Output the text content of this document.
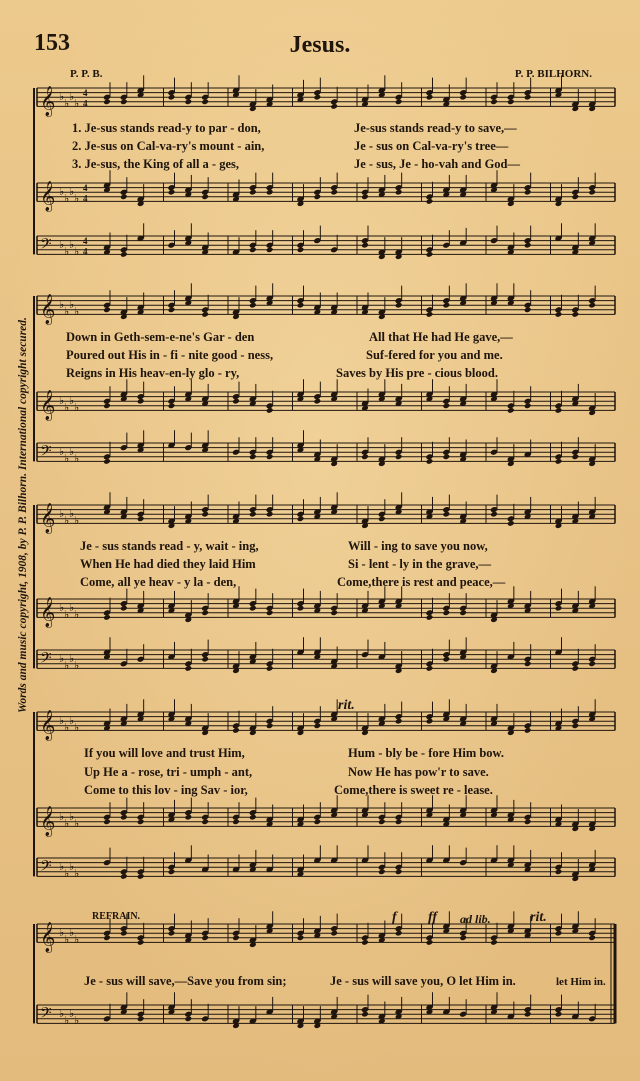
153	Jesus.
P. P. B.	P. P. BILHORN.
Words and music copyright, 1908, by P. P. Bilhorn. International copyright secured.
𝄞 ♭
♭
♭
♭
4
4
𝄞 ♭
♭
♭
♭
4
4
𝄢 ♭
♭
♭
♭
4
4
𝄞 ♭
♭
♭
♭
𝄞 ♭
♭
♭
♭
𝄢 ♭
♭
♭
♭
𝄞 ♭
♭
♭
♭
𝄞 ♭
♭
♭
♭
𝄢 ♭
♭
♭
♭
𝄞 ♭
♭
♭
♭
𝄞 ♭
♭
♭
♭
𝄢 ♭
♭
♭
♭
𝄞 ♭
♭
♭
♭
𝄢 ♭
♭
♭
♭
1. Je-sus stands read-y to par - don,	Je-sus stands read-y to save,—
2. Je-sus on Cal-va-ry's mount - ain,	Je - sus on Cal-va-ry's tree—
3. Je-sus, the King of all a - ges,	Je - sus, Je - ho-vah and God—
Down in Geth-sem-e-ne's Gar - den	All that He had He gave,—
Poured out His in - fi - nite good - ness,	Suf-fered for you and me.
Reigns in His heav-en-ly glo - ry,	Saves by His pre - cious blood.
Je - sus stands read - y, wait - ing,	Will - ing to save you now,
When He had died they laid Him	Si - lent - ly in the grave,—
Come, all ye heav - y la - den,	Come,there is rest and peace,—
If you will love and trust Him,	Hum - bly be - fore Him bow.
Up He a - rose, tri - umph - ant,	Now He has pow'r to save.
Come to this lov - ing Sav - ior,	Come,there is sweet re - lease.
REFRAIN.
Je - sus will save,—Save you from sin;	Je - sus will save you, O let Him in.	let Him in.
rit.
f ff ad lib.	rit.
